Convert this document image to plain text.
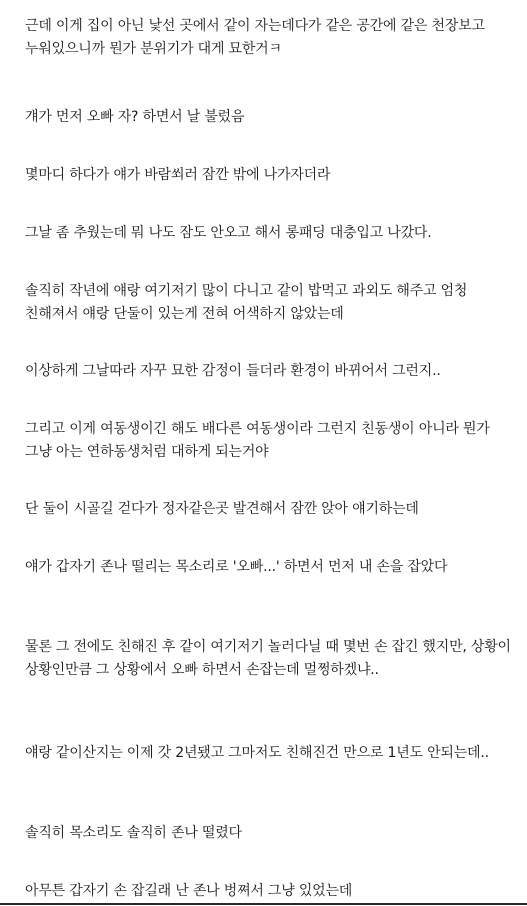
근데 이게 집이 아닌 낯선 곳에서 같이 자는데다가 같은 공간에 같은 천장보고 누워있으니까 뭔가 분위기가 대게 묘한거ㅋ

걔가 먼저 오빠 자? 하면서 날 불렀음

몇마디 하다가 얘가 바람쐬러 잠깐 밖에 나가자더라

그날 좀 추웠는데 뭐 나도 잠도 안오고 해서 롱패딩 대충입고 나갔다.

솔직히 작년에 얘랑 여기저기 많이 다니고 같이 밥먹고 과외도 해주고 엄청 친해져서 얘랑 단둘이 있는게 전혀 어색하지 않았는데

이상하게 그날따라 자꾸 묘한 감정이 들더라 환경이 바뀌어서 그런지..

그리고 이게 여동생이긴 해도 배다른 여동생이라 그런지 친동생이 아니라 뭔가 그냥 아는 연하동생처럼 대하게 되는거야

단 둘이 시골길 걷다가 정자같은곳 발견해서 잠깐 앉아 얘기하는데

얘가 갑자기 존나 떨리는 목소리로 '오빠...' 하면서 먼저 내 손을 잡았다

물론 그 전에도 친해진 후 같이 여기저기 놀러다닐 때 몇번 손 잡긴 했지만, 상황이 상황인만큼 그 상황에서 오빠 하면서 손잡는데 멀쩡하겠냐..

얘랑 같이산지는 이제 갓 2년됐고 그마저도 친해진건 만으로 1년도 안되는데..

솔직히 목소리도 솔직히 존나 떨렸다

아무튼 갑자기 손 잡길래 난 존나 벙쪄서 그냥 있었는데
